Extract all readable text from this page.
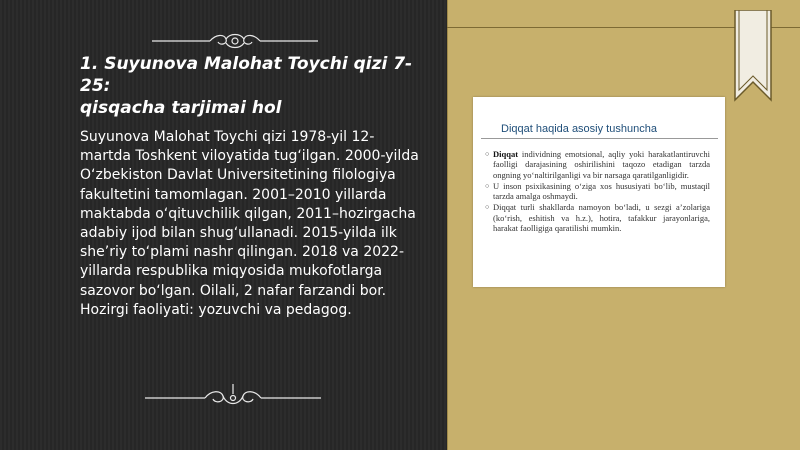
1. Suyunova Malohat Toychi qizi 7-25:
qisqacha tarjimai hol
Suyunova Malohat Toychi qizi 1978-yil 12-martda Toshkent viloyatida tug‘ilgan. 2000-yilda O‘zbekiston Davlat Universitetining filologiya fakultetini tamomlagan. 2001–2010 yillarda maktabda o‘qituvchilik qilgan, 2011–hozirgacha adabiy ijod bilan shug‘ullanadi. 2015-yilda ilk she’riy to‘plami nashr qilingan. 2018 va 2022-yillarda respublika miqyosida mukofotlarga sazovor bo‘lgan. Oilali, 2 nafar farzandi bor. Hozirgi faoliyati: yozuvchi va pedagog.
Diqqat haqida asosiy tushuncha
○ Diqqat individning emotsional, aqliy yoki harakatlantiruvchi faolligi darajasining oshirilishini taqozo etadigan tarzda ongning yo‘naltirilganligi va bir narsaga qaratilganligidir.
○ U inson psixikasining o‘ziga xos hususiyati bo‘lib, mustaqil tarzda amalga oshmaydi.
○ Diqqat turli shakllarda namoyon bo‘ladi, u sezgi a’zolariga (ko‘rish, eshitish va h.z.), hotira, tafakkur jarayonlariga, harakat faolligiga qaratilishi mumkin.
